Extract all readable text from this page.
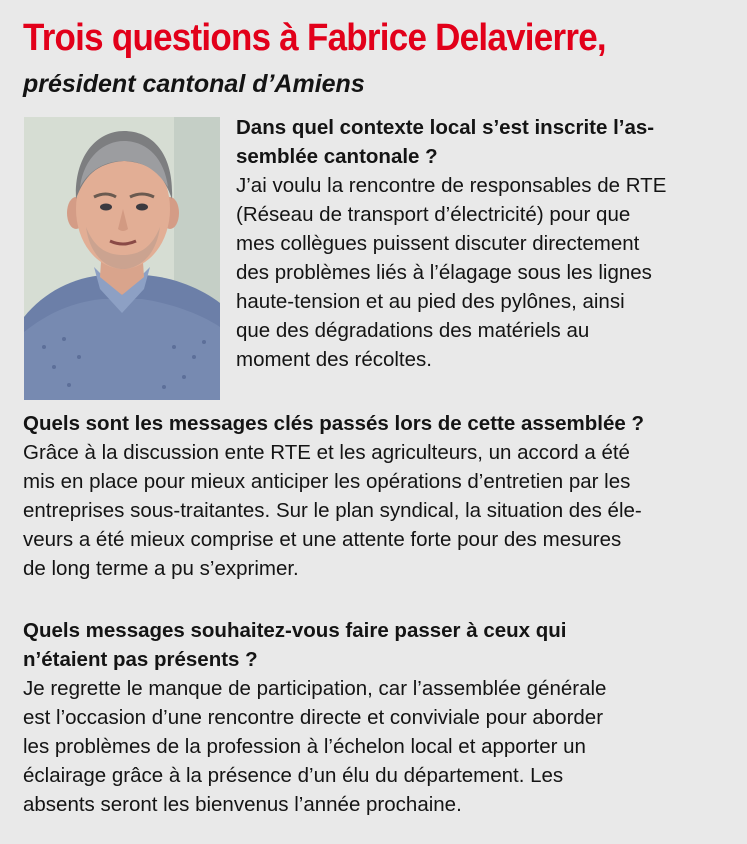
Trois questions à Fabrice Delavierre,
président cantonal d’Amiens
Dans quel contexte local s’est inscrite l’as-
semblée cantonale ?
J’ai voulu la rencontre de responsables de RTE
(Réseau de transport d’électricité) pour que
mes collègues puissent discuter directement
des problèmes liés à l’élagage sous les lignes
haute-tension et au pied des pylônes, ainsi
que des dégradations des matériels au
moment des récoltes.
Quels sont les messages clés passés lors de cette assemblée ?
Grâce à la discussion ente RTE et les agriculteurs, un accord a été
mis en place pour mieux anticiper les opérations d’entretien par les
entreprises sous-traitantes. Sur le plan syndical, la situation des éle-
veurs a été mieux comprise et une attente forte pour des mesures
de long terme a pu s’exprimer.
Quels messages souhaitez-vous faire passer à ceux qui
n’étaient pas présents ?
Je regrette le manque de participation, car l’assemblée générale
est l’occasion d’une rencontre directe et conviviale pour aborder
les problèmes de la profession à l’échelon local et apporter un
éclairage grâce à la présence d’un élu du département. Les
absents seront les bienvenus l’année prochaine.
